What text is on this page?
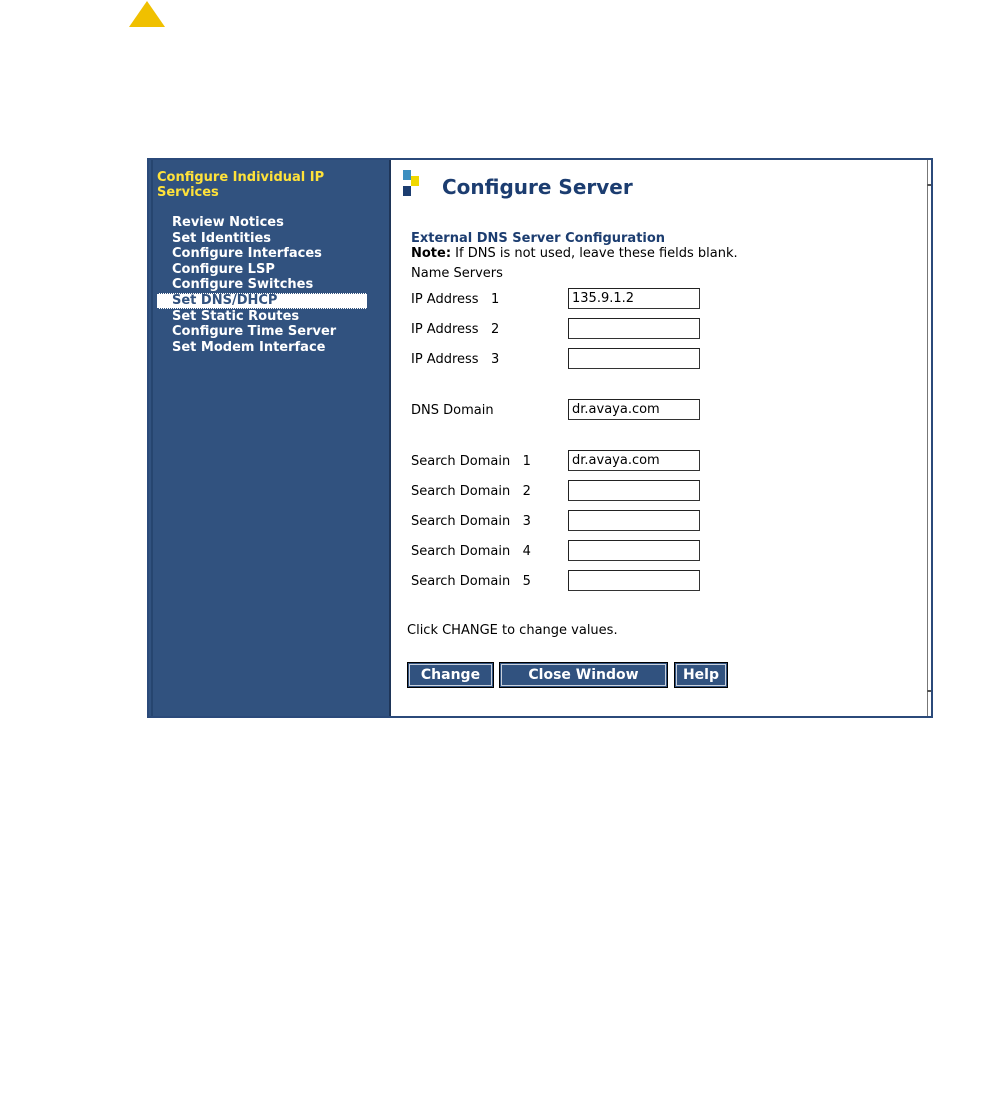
Configure Individual IP Services
Review Notices
Set Identities
Configure Interfaces
Configure LSP
Configure Switches
Set DNS/DHCP
Set Static Routes
Configure Time Server
Set Modem Interface
Configure Server
External DNS Server Configuration
Note: If DNS is not used, leave these fields blank.
Name Servers
IP Address   1
135.9.1.2
IP Address   2
IP Address   3
DNS Domain
dr.avaya.com
Search Domain   1
dr.avaya.com
Search Domain   2
Search Domain   3
Search Domain   4
Search Domain   5
Click CHANGE to change values.
Change	Close Window	Help
